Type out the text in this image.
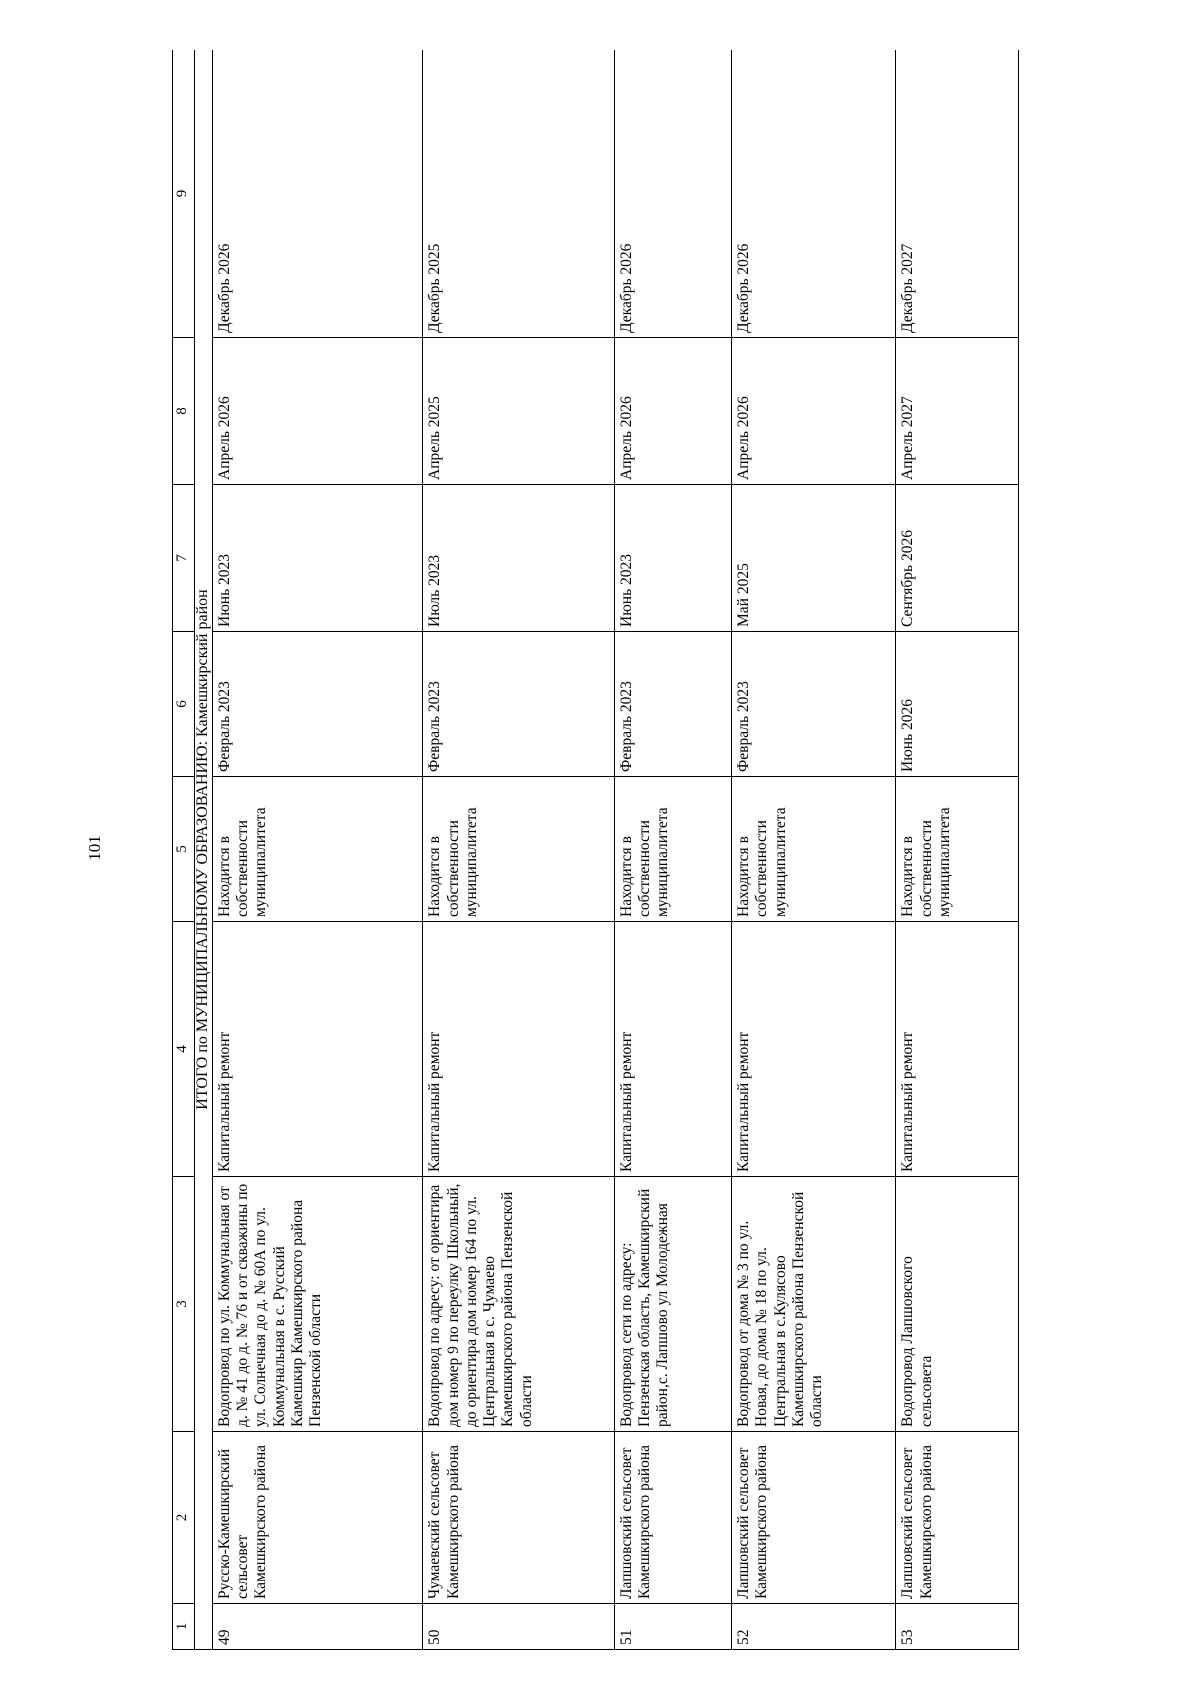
101
1	2	3	4	5	6	7	8	9
ИТОГО по МУНИЦИПАЛЬНОМУ ОБРАЗОВАНИЮ: Камешкирский район								
49	Русско-Камешкирский сельсовет Камешкирского района	Водопровод по ул. Коммунальная от д. № 41 до д. № 76 и от скважины по ул. Солнечная до д. № 60А по ул. Коммунальная в с. Русский Камешкир Камешкирского района Пензенской области	Капитальный ремонт	Находится в собственности муниципалитета	Февраль 2023	Июнь 2023	Апрель 2026	Декабрь 2026
50	Чумаевский сельсовет Камешкирского района	Водопровод по адресу: от ориентира дом номер 9 по переулку Школьный, до ориентира дом номер 164 по ул. Центральная в с. Чумаево Камешкирского района Пензенской области	Капитальный ремонт	Находится в собственности муниципалитета	Февраль 2023	Июль 2023	Апрель 2025	Декабрь 2025
51	Лапшовский сельсовет Камешкирского района	Водопровод сети по адресу: Пензенская область, Камешкирский район,с. Лапшово ул Молодежная	Капитальный ремонт	Находится в собственности муниципалитета	Февраль 2023	Июнь 2023	Апрель 2026	Декабрь 2026
52	Лапшовский сельсовет Камешкирского района	Водопровод от дома № 3 по ул. Новая, до дома № 18 по ул. Центральная в с.Кулясово Камешкирского района Пензенской области	Капитальный ремонт	Находится в собственности муниципалитета	Февраль 2023	Май 2025	Апрель 2026	Декабрь 2026
53	Лапшовский сельсовет Камешкирского района	Водопровод Лапшовского сельсовета	Капитальный ремонт	Находится в собственности муниципалитета	Июнь 2026	Сентябрь 2026	Апрель 2027	Декабрь 2027
